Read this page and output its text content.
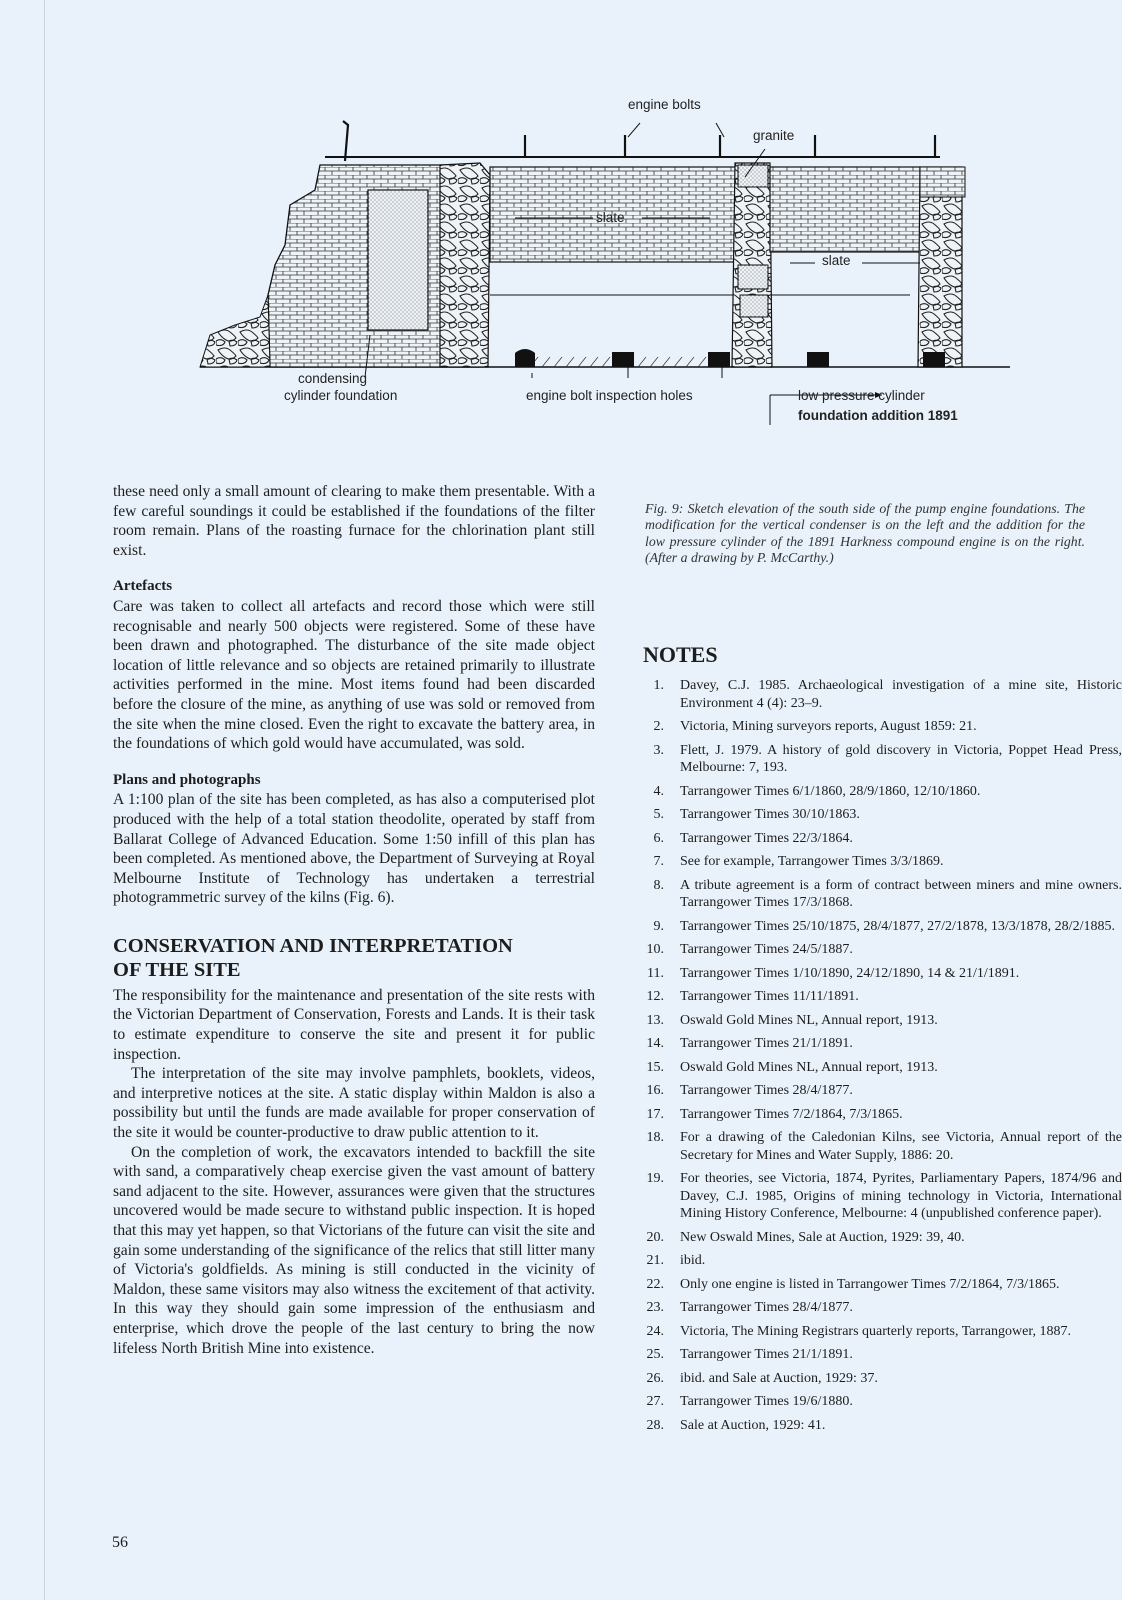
engine bolts
granite
slate
slate
condensing
cylinder foundation	engine bolt inspection holes	low pressure cylinder
foundation addition 1891

these need only a small amount of clearing to make them presentable. With a few careful soundings it could be established if the foundations of the filter room remain. Plans of the roasting furnace for the chlorination plant still exist.

Artefacts

Care was taken to collect all artefacts and record those which were still recognisable and nearly 500 objects were registered. Some of these have been drawn and photographed. The disturbance of the site made object location of little relevance and so objects are retained primarily to illustrate activities performed in the mine. Most items found had been discarded before the closure of the mine, as anything of use was sold or removed from the site when the mine closed. Even the right to excavate the battery area, in the foundations of which gold would have accumulated, was sold.

Plans and photographs

A 1:100 plan of the site has been completed, as has also a computerised plot produced with the help of a total station theodolite, operated by staff from Ballarat College of Advanced Education. Some 1:50 infill of this plan has been completed. As mentioned above, the Department of Surveying at Royal Melbourne Institute of Technology has undertaken a terrestrial photogrammetric survey of the kilns (Fig. 6).

CONSERVATION AND INTERPRETATION
OF THE SITE

The responsibility for the maintenance and presentation of the site rests with the Victorian Department of Conservation, Forests and Lands. It is their task to estimate expenditure to conserve the site and present it for public inspection.

The interpretation of the site may involve pamphlets, booklets, videos, and interpretive notices at the site. A static display within Maldon is also a possibility but until the funds are made available for proper conservation of the site it would be counter-productive to draw public attention to it.

On the completion of work, the excavators intended to backfill the site with sand, a comparatively cheap exercise given the vast amount of battery sand adjacent to the site. However, assurances were given that the structures uncovered would be made secure to withstand public inspection. It is hoped that this may yet happen, so that Victorians of the future can visit the site and gain some understanding of the significance of the relics that still litter many of Victoria's goldfields. As mining is still conducted in the vicinity of Maldon, these same visitors may also witness the excitement of that activity. In this way they should gain some impression of the enthusiasm and enterprise, which drove the people of the last century to bring the now lifeless North British Mine into existence.

Fig. 9: Sketch elevation of the south side of the pump engine foundations. The modification for the vertical condenser is on the left and the addition for the low pressure cylinder of the 1891 Harkness compound engine is on the right. (After a drawing by P. McCarthy.)

NOTES
1. Davey, C.J. 1985. Archaeological investigation of a mine site, Historic Environment 4 (4): 23–9.
2. Victoria, Mining surveyors reports, August 1859: 21.
3. Flett, J. 1979. A history of gold discovery in Victoria, Poppet Head Press, Melbourne: 7, 193.
4. Tarrangower Times 6/1/1860, 28/9/1860, 12/10/1860.
5. Tarrangower Times 30/10/1863.
6. Tarrangower Times 22/3/1864.
7. See for example, Tarrangower Times 3/3/1869.
8. A tribute agreement is a form of contract between miners and mine owners. Tarrangower Times 17/3/1868.
9. Tarrangower Times 25/10/1875, 28/4/1877, 27/2/1878, 13/3/1878, 28/2/1885.
10. Tarrangower Times 24/5/1887.
11. Tarrangower Times 1/10/1890, 24/12/1890, 14 & 21/1/1891.
12. Tarrangower Times 11/11/1891.
13. Oswald Gold Mines NL, Annual report, 1913.
14. Tarrangower Times 21/1/1891.
15. Oswald Gold Mines NL, Annual report, 1913.
16. Tarrangower Times 28/4/1877.
17. Tarrangower Times 7/2/1864, 7/3/1865.
18. For a drawing of the Caledonian Kilns, see Victoria, Annual report of the Secretary for Mines and Water Supply, 1886: 20.
19. For theories, see Victoria, 1874, Pyrites, Parliamentary Papers, 1874/96 and Davey, C.J. 1985, Origins of mining technology in Victoria, International Mining History Conference, Melbourne: 4 (unpublished conference paper).
20. New Oswald Mines, Sale at Auction, 1929: 39, 40.
21. ibid.
22. Only one engine is listed in Tarrangower Times 7/2/1864, 7/3/1865.
23. Tarrangower Times 28/4/1877.
24. Victoria, The Mining Registrars quarterly reports, Tarrangower, 1887.
25. Tarrangower Times 21/1/1891.
26. ibid. and Sale at Auction, 1929: 37.
27. Tarrangower Times 19/6/1880.
28. Sale at Auction, 1929: 41.
56
